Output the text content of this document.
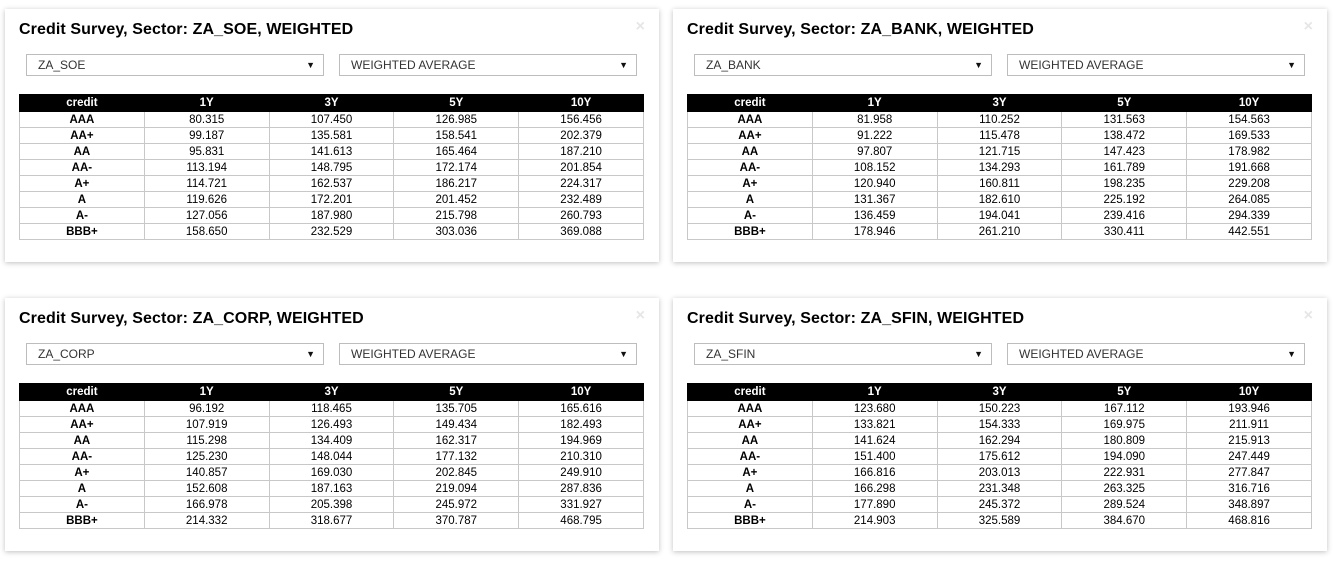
Credit Survey, Sector: ZA_SOE, WEIGHTED	×
ZA_SOE	▼	WEIGHTED AVERAGE	▼
credit	1Y	3Y	5Y	10Y
AAA	80.315	107.450	126.985	156.456
AA+	99.187	135.581	158.541	202.379
AA	95.831	141.613	165.464	187.210
AA-	113.194	148.795	172.174	201.854
A+	114.721	162.537	186.217	224.317
A	119.626	172.201	201.452	232.489
A-	127.056	187.980	215.798	260.793
BBB+	158.650	232.529	303.036	369.088
Credit Survey, Sector: ZA_BANK, WEIGHTED	×
ZA_BANK	▼	WEIGHTED AVERAGE	▼
credit	1Y	3Y	5Y	10Y
AAA	81.958	110.252	131.563	154.563
AA+	91.222	115.478	138.472	169.533
AA	97.807	121.715	147.423	178.982
AA-	108.152	134.293	161.789	191.668
A+	120.940	160.811	198.235	229.208
A	131.367	182.610	225.192	264.085
A-	136.459	194.041	239.416	294.339
BBB+	178.946	261.210	330.411	442.551
Credit Survey, Sector: ZA_CORP, WEIGHTED	×
ZA_CORP	▼	WEIGHTED AVERAGE	▼
credit	1Y	3Y	5Y	10Y
AAA	96.192	118.465	135.705	165.616
AA+	107.919	126.493	149.434	182.493
AA	115.298	134.409	162.317	194.969
AA-	125.230	148.044	177.132	210.310
A+	140.857	169.030	202.845	249.910
A	152.608	187.163	219.094	287.836
A-	166.978	205.398	245.972	331.927
BBB+	214.332	318.677	370.787	468.795
Credit Survey, Sector: ZA_SFIN, WEIGHTED	×
ZA_SFIN	▼	WEIGHTED AVERAGE	▼
credit	1Y	3Y	5Y	10Y
AAA	123.680	150.223	167.112	193.946
AA+	133.821	154.333	169.975	211.911
AA	141.624	162.294	180.809	215.913
AA-	151.400	175.612	194.090	247.449
A+	166.816	203.013	222.931	277.847
A	166.298	231.348	263.325	316.716
A-	177.890	245.372	289.524	348.897
BBB+	214.903	325.589	384.670	468.816
